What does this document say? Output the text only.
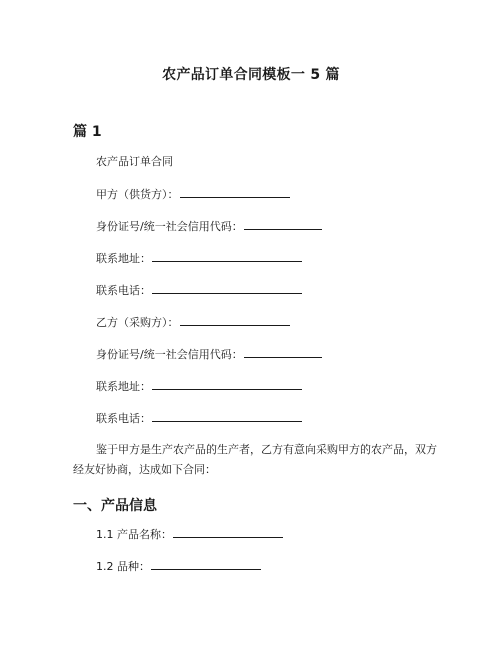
农产品订单合同模板一 5 篇
篇 1
农产品订单合同
甲方（供货方）：
身份证号/统一社会信用代码：
联系地址：
联系电话：
乙方（采购方）：
身份证号/统一社会信用代码：
联系地址：
联系电话：
鉴于甲方是生产农产品的生产者，乙方有意向采购甲方的农产品，双方经友好协商，达成如下合同：
一、产品信息
1.1 产品名称：
1.2 品种：
